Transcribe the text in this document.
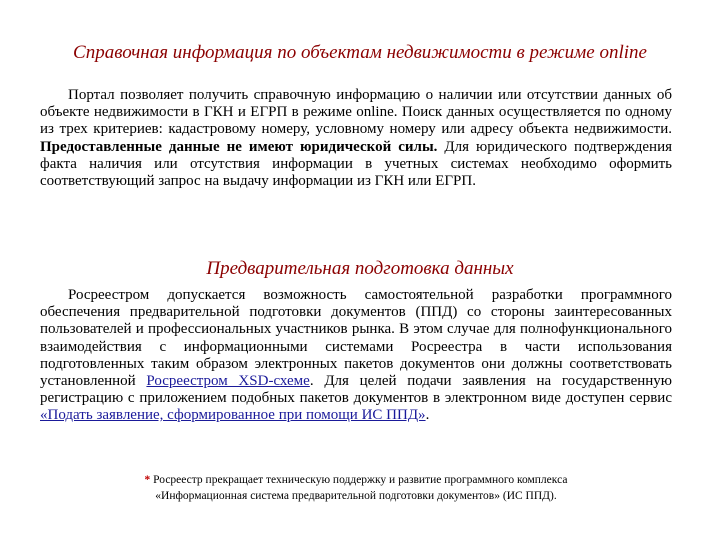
Справочная информация по объектам недвижимости в режиме online

Портал позволяет получить справочную информацию о наличии или отсутствии данных об объекте недвижимости в ГКН и ЕГРП в режиме online. Поиск данных осуществляется по одному из трех критериев: кадастровому номеру, условному номеру или адресу объекта недвижимости. Предоставленные данные не имеют юридической силы. Для юридического подтверждения факта наличия или отсутствия информации в учетных системах необходимо оформить соответствующий запрос на выдачу информации из ГКН или ЕГРП.

Предварительная подготовка данных

Росреестром допускается возможность самостоятельной разработки программного обеспечения предварительной подготовки документов (ППД) со стороны заинтересованных пользователей и профессиональных участников рынка. В этом случае для полнофункционального взаимодействия с информационными системами Росреестра в части использования подготовленных таким образом электронных пакетов документов они должны соответствовать установленной Росреестром XSD-схеме. Для целей подачи заявления на государственную регистрацию с приложением подобных пакетов документов в электронном виде доступен сервис «Подать заявление, сформированное при помощи ИС ППД».

* Росреестр прекращает техническую поддержку и развитие программного комплекса
«Информационная система предварительной подготовки документов» (ИС ППД).
